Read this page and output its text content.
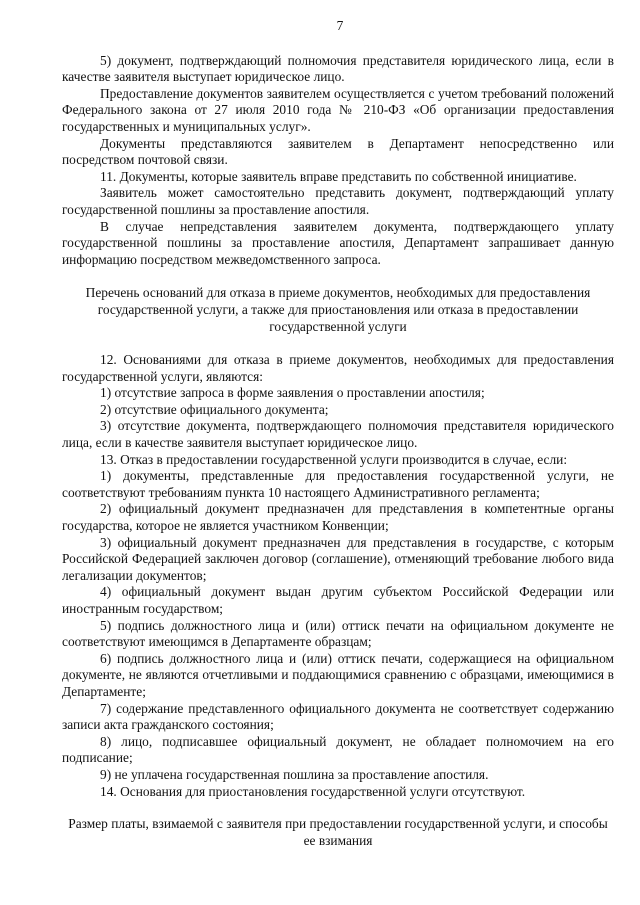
7

5) документ, подтверждающий полномочия представителя юридического лица, если в качестве заявителя выступает юридическое лицо.

Предоставление документов заявителем осуществляется с учетом требований положений Федерального закона от 27 июля 2010 года № 210-ФЗ «Об организации предоставления государственных и муниципальных услуг».

Документы представляются заявителем в Департамент непосредственно или посредством почтовой связи.

11. Документы, которые заявитель вправе представить по собственной инициативе.

Заявитель может самостоятельно представить документ, подтверждающий уплату государственной пошлины за проставление апостиля.

В случае непредставления заявителем документа, подтверждающего уплату государственной пошлины за проставление апостиля, Департамент запрашивает данную информацию посредством межведомственного запроса.

Перечень оснований для отказа в приеме документов, необходимых для предоставления государственной услуги, а также для приостановления или отказа в предоставлении государственной услуги

12. Основаниями для отказа в приеме документов, необходимых для предоставления государственной услуги, являются:

1) отсутствие запроса в форме заявления о проставлении апостиля;

2) отсутствие официального документа;

3) отсутствие документа, подтверждающего полномочия представителя юридического лица, если в качестве заявителя выступает юридическое лицо.

13. Отказ в предоставлении государственной услуги производится в случае, если:

1) документы, представленные для предоставления государственной услуги, не соответствуют требованиям пункта 10 настоящего Административного регламента;

2) официальный документ предназначен для представления в компетентные органы государства, которое не является участником Конвенции;

3) официальный документ предназначен для представления в государстве, с которым Российской Федерацией заключен договор (соглашение), отменяющий требование любого вида легализации документов;

4) официальный документ выдан другим субъектом Российской Федерации или иностранным государством;

5) подпись должностного лица и (или) оттиск печати на официальном документе не соответствуют имеющимся в Департаменте образцам;

6) подпись должностного лица и (или) оттиск печати, содержащиеся на официальном документе, не являются отчетливыми и поддающимися сравнению с образцами, имеющимися в Департаменте;

7) содержание представленного официального документа не соответствует содержанию записи акта гражданского состояния;

8) лицо, подписавшее официальный документ, не обладает полномочием на его подписание;

9) не уплачена государственная пошлина за проставление апостиля.

14. Основания для приостановления государственной услуги отсутствуют.

Размер платы, взимаемой с заявителя при предоставлении государственной услуги, и способы ее взимания
